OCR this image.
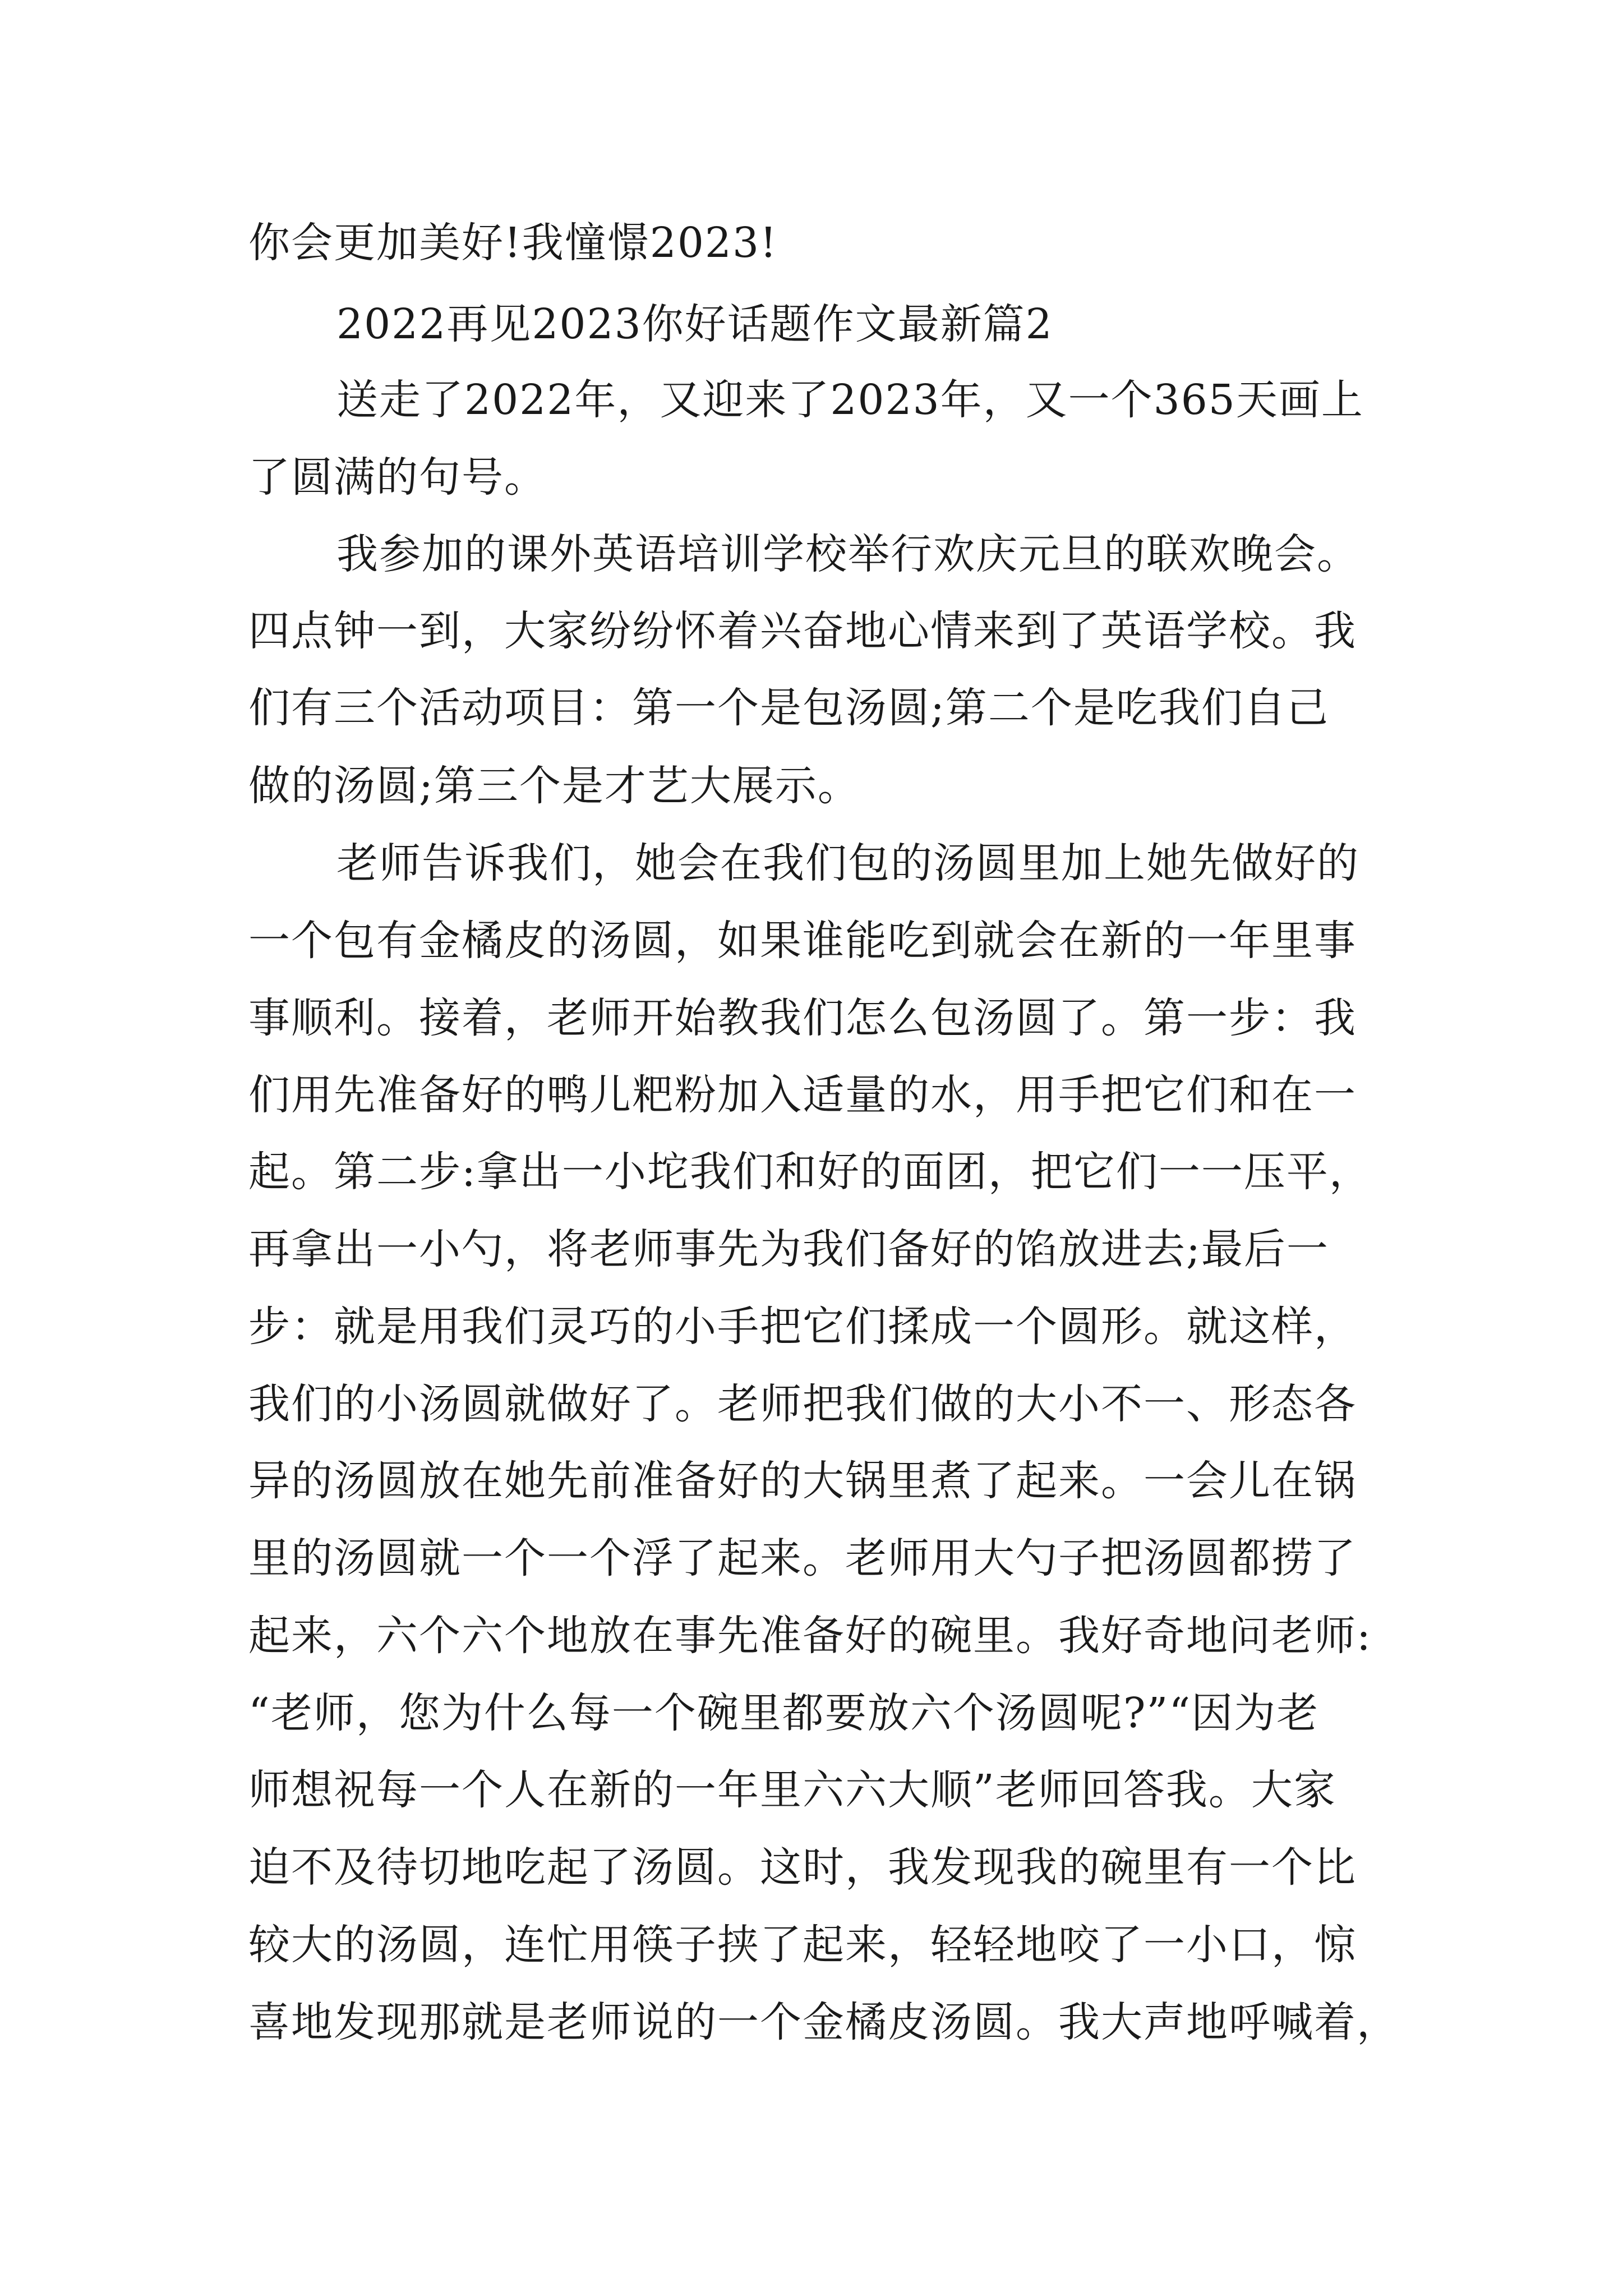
你会更加美好!我憧憬2023!
2022再见2023你好话题作文最新篇2
送走了2022年，又迎来了2023年，又一个365天画上
了圆满的句号。
我参加的课外英语培训学校举行欢庆元旦的联欢晚会。
四点钟一到，大家纷纷怀着兴奋地心情来到了英语学校。我
们有三个活动项目：第一个是包汤圆;第二个是吃我们自己
做的汤圆;第三个是才艺大展示。
老师告诉我们，她会在我们包的汤圆里加上她先做好的
一个包有金橘皮的汤圆，如果谁能吃到就会在新的一年里事
事顺利。接着，老师开始教我们怎么包汤圆了。第一步：我
们用先准备好的鸭儿粑粉加入适量的水，用手把它们和在一
起。第二步:拿出一小坨我们和好的面团，把它们一一压平，
再拿出一小勺，将老师事先为我们备好的馅放进去;最后一
步：就是用我们灵巧的小手把它们揉成一个圆形。就这样，
我们的小汤圆就做好了。老师把我们做的大小不一、形态各
异的汤圆放在她先前准备好的大锅里煮了起来。一会儿在锅
里的汤圆就一个一个浮了起来。老师用大勺子把汤圆都捞了
起来，六个六个地放在事先准备好的碗里。我好奇地问老师:
“老师，您为什么每一个碗里都要放六个汤圆呢?”“因为老
师想祝每一个人在新的一年里六六大顺”老师回答我。大家
迫不及待切地吃起了汤圆。这时，我发现我的碗里有一个比
较大的汤圆，连忙用筷子挟了起来，轻轻地咬了一小口，惊
喜地发现那就是老师说的一个金橘皮汤圆。我大声地呼喊着，
